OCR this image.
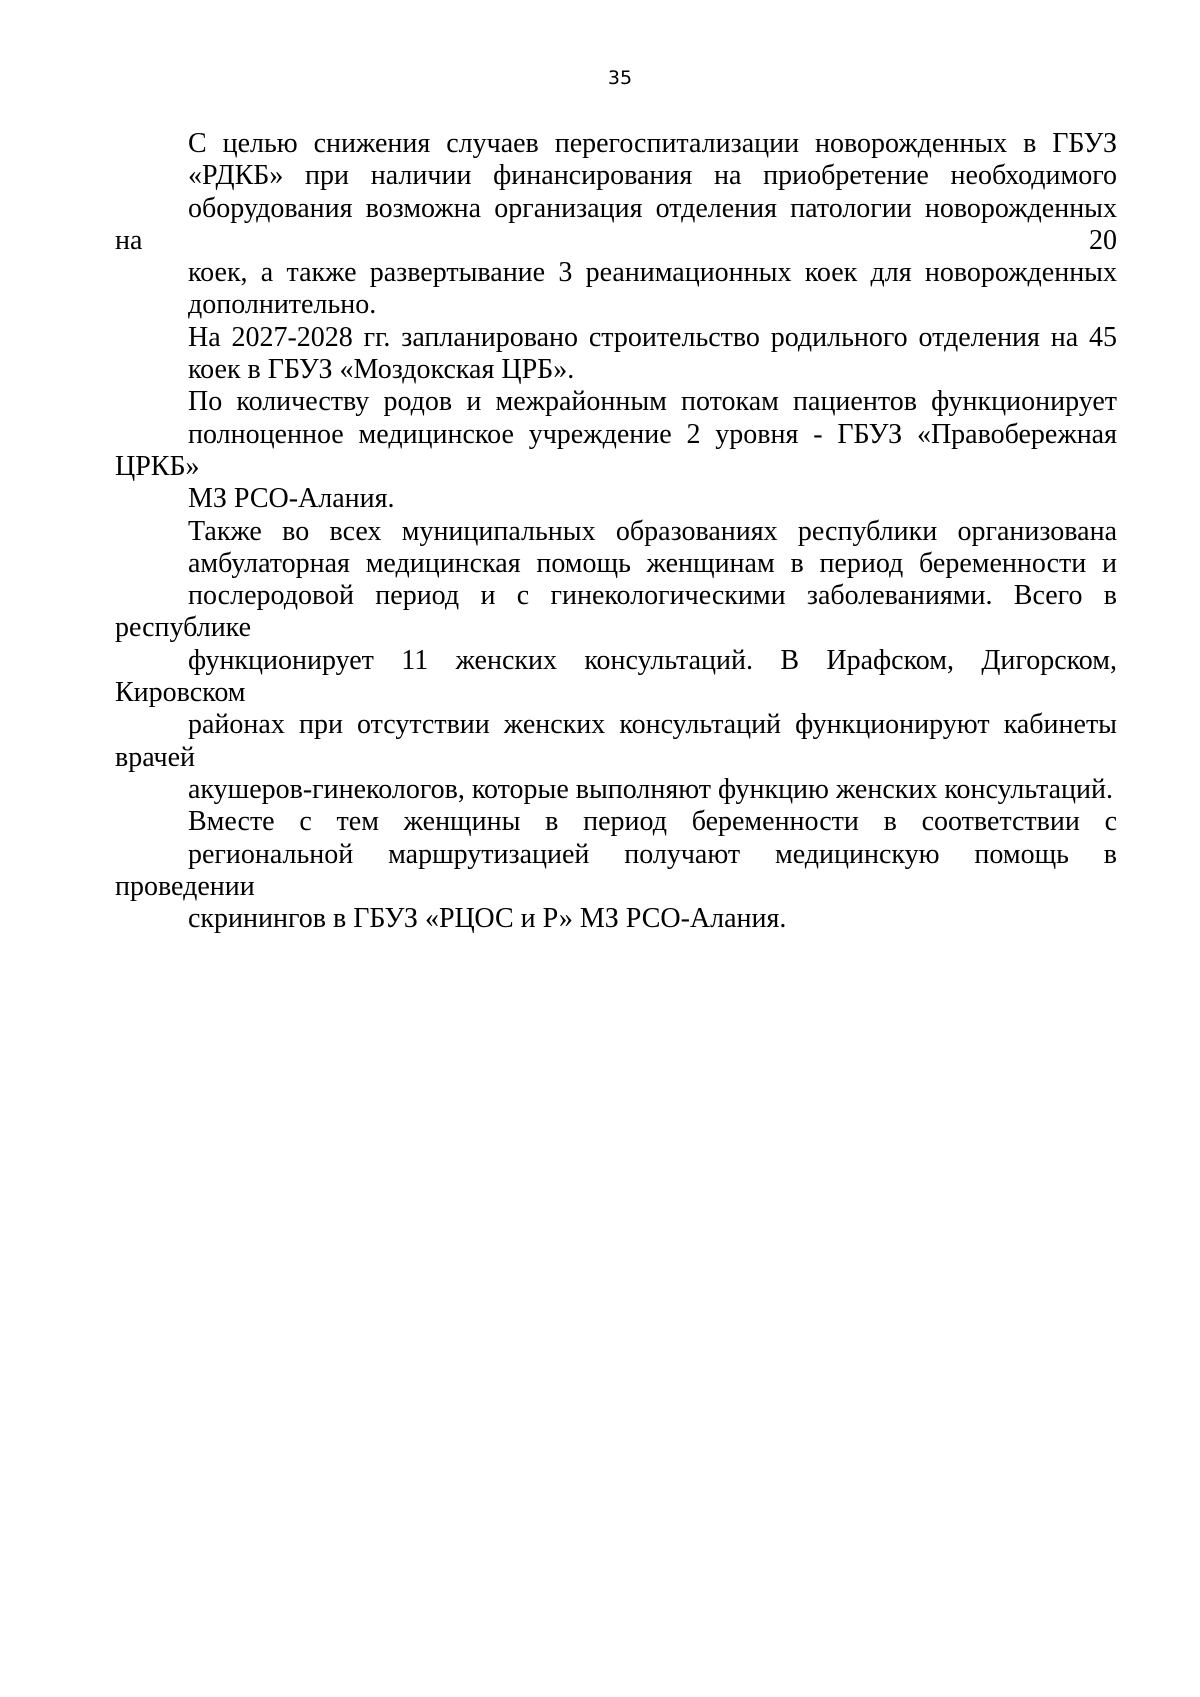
35
С целью снижения случаев перегоспитализации новорожденных в ГБУЗ
«РДКБ» при наличии финансирования на приобретение необходимого
оборудования возможна организация отделения патологии новорожденных на 20
коек, а также развертывание 3 реанимационных коек для новорожденных
дополнительно.
На 2027-2028 гг. запланировано строительство родильного отделения на 45
коек в ГБУЗ «Моздокская ЦРБ».
По количеству родов и межрайонным потокам пациентов функционирует
полноценное медицинское учреждение 2 уровня - ГБУЗ «Правобережная ЦРКБ»
МЗ РСО-Алания.
Также во всех муниципальных образованиях республики организована
амбулаторная медицинская помощь женщинам в период беременности и
послеродовой период и с гинекологическими заболеваниями. Всего в республике
функционирует 11 женских консультаций. В Ирафском, Дигорском, Кировском
районах при отсутствии женских консультаций функционируют кабинеты врачей
акушеров-гинекологов, которые выполняют функцию женских консультаций.
Вместе с тем женщины в период беременности в соответствии с
региональной маршрутизацией получают медицинскую помощь в проведении
скринингов в ГБУЗ «РЦОС и Р» МЗ РСО-Алания.
